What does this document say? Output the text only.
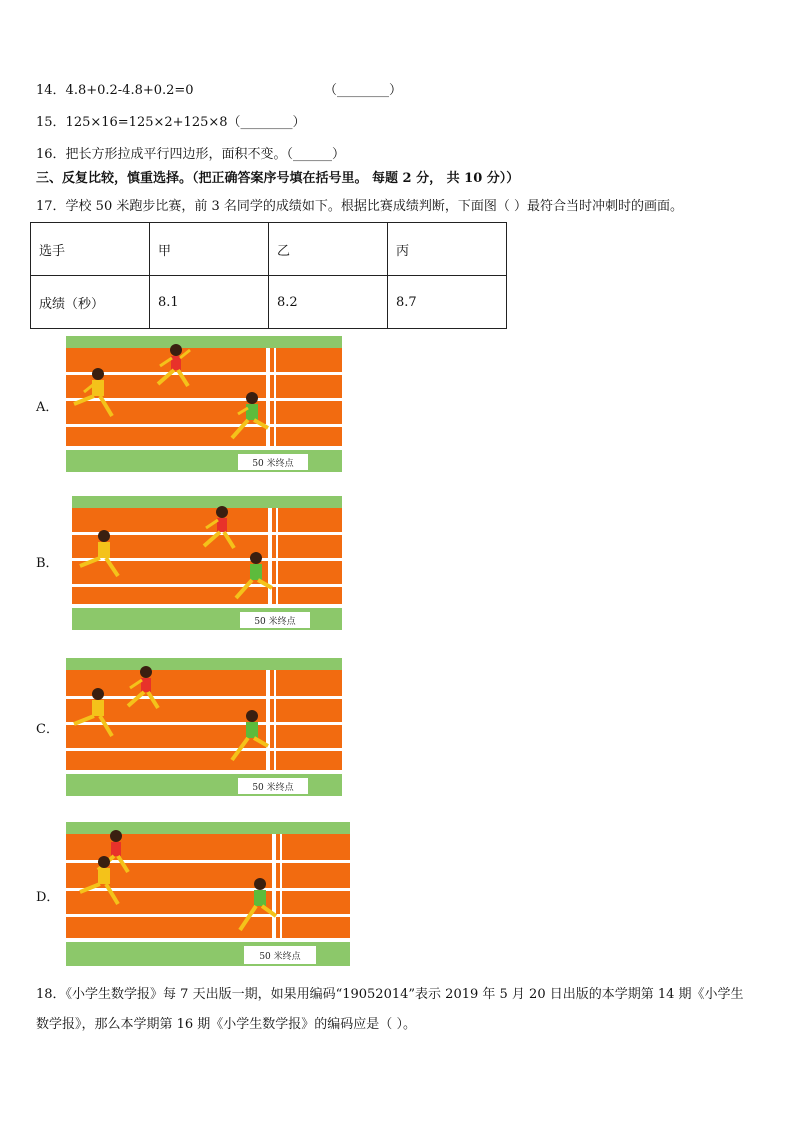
14．4.8+0.2-4.8+0.2=0	（________）
15．125×16=125×2+125×8（________）
16．把长方形拉成平行四边形，面积不变。（______）
三、反复比较，慎重选择。（把正确答案序号填在括号里。 每题 2 分， 共 10 分））
17．学校 50 米跑步比赛，前 3 名同学的成绩如下。根据比赛成绩判断，下面图（ ）最符合当时冲刺时的画面。
选手	甲	乙	丙
成绩（秒）	8.1	8.2	8.7
A．
50 米终点
B．
50 米终点
C．
50 米终点
D．
50 米终点
18．《小学生数学报》每 7 天出版一期，如果用编码“19052014”表示 2019 年 5 月 20 日出版的本学期第 14 期《小学生
数学报》，那么本学期第 16 期《小学生数学报》的编码应是（ ）。
